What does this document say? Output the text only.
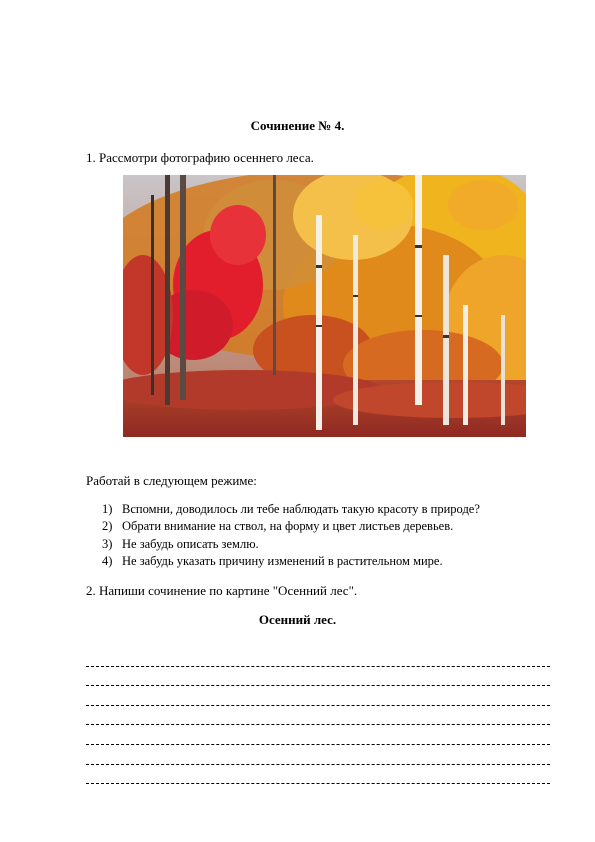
Сочинение № 4.
1. Рассмотри фотографию осеннего леса.
Работай в следующем режиме:
1) Вспомни, доводилось ли тебе наблюдать такую красоту в природе?
2) Обрати внимание на ствол, на форму и цвет листьев деревьев.
3) Не забудь описать землю.
4) Не забудь указать причину изменений в растительном мире.
2. Напиши сочинение по картине "Осенний лес".
Осенний лес.
